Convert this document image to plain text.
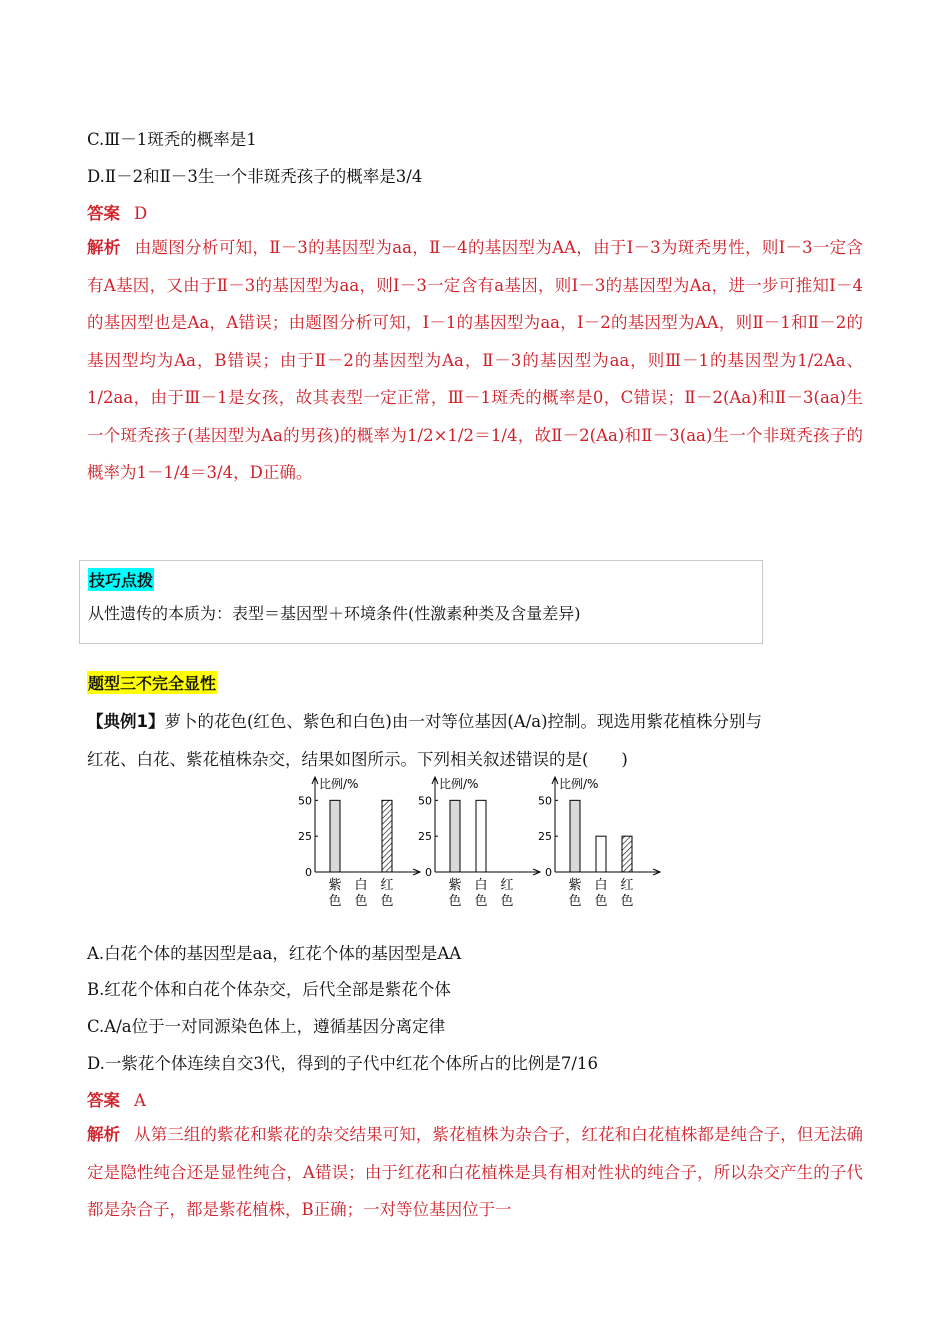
C.Ⅲ－1斑秃的概率是1
D.Ⅱ－2和Ⅱ－3生一个非斑秃孩子的概率是3/4
答案 D
解析 由题图分析可知，Ⅱ－3的基因型为aa，Ⅱ－4的基因型为AA，由于Ⅰ－3为斑秃男性，则Ⅰ－3一定含有A基因，又由于Ⅱ－3的基因型为aa，则Ⅰ－3一定含有a基因，则Ⅰ－3的基因型为Aa，进一步可推知Ⅰ－4的基因型也是Aa，A错误；由题图分析可知，Ⅰ－1的基因型为aa，Ⅰ－2的基因型为AA，则Ⅱ－1和Ⅱ－2的基因型均为Aa，B错误；由于Ⅱ－2的基因型为Aa，Ⅱ－3的基因型为aa，则Ⅲ－1的基因型为1/2Aa、1/2aa，由于Ⅲ－1是女孩，故其表型一定正常，Ⅲ－1斑秃的概率是0，C错误；Ⅱ－2(Aa)和Ⅱ－3(aa)生一个斑秃孩子(基因型为Aa的男孩)的概率为1/2×1/2＝1/4，故Ⅱ－2(Aa)和Ⅱ－3(aa)生一个非斑秃孩子的概率为1－1/4＝3/4，D正确。
技巧点拨
从性遗传的本质为：表型＝基因型＋环境条件(性激素种类及含量差异)
题型三不完全显性
【典例1】萝卜的花色(红色、紫色和白色)由一对等位基因(A/a)控制。现选用紫花植株分别与
红花、白花、紫花植株杂交，结果如图所示。下列相关叙述错误的是(　　)
比例/%
0
25
50
紫
色
白
色
红
色
比例/%
0
25
50
紫
色
白
色
红
色
比例/%
0
25
50
紫
色
白
色
红
色
A.白花个体的基因型是aa，红花个体的基因型是AA
B.红花个体和白花个体杂交，后代全部是紫花个体
C.A/a位于一对同源染色体上，遵循基因分离定律
D.一紫花个体连续自交3代，得到的子代中红花个体所占的比例是7/16
答案 A
解析 从第三组的紫花和紫花的杂交结果可知，紫花植株为杂合子，红花和白花植株都是纯合子，但无法确定是隐性纯合还是显性纯合，A错误；由于红花和白花植株是具有相对性状的纯合子，所以杂交产生的子代都是杂合子，都是紫花植株，B正确；一对等位基因位于一
